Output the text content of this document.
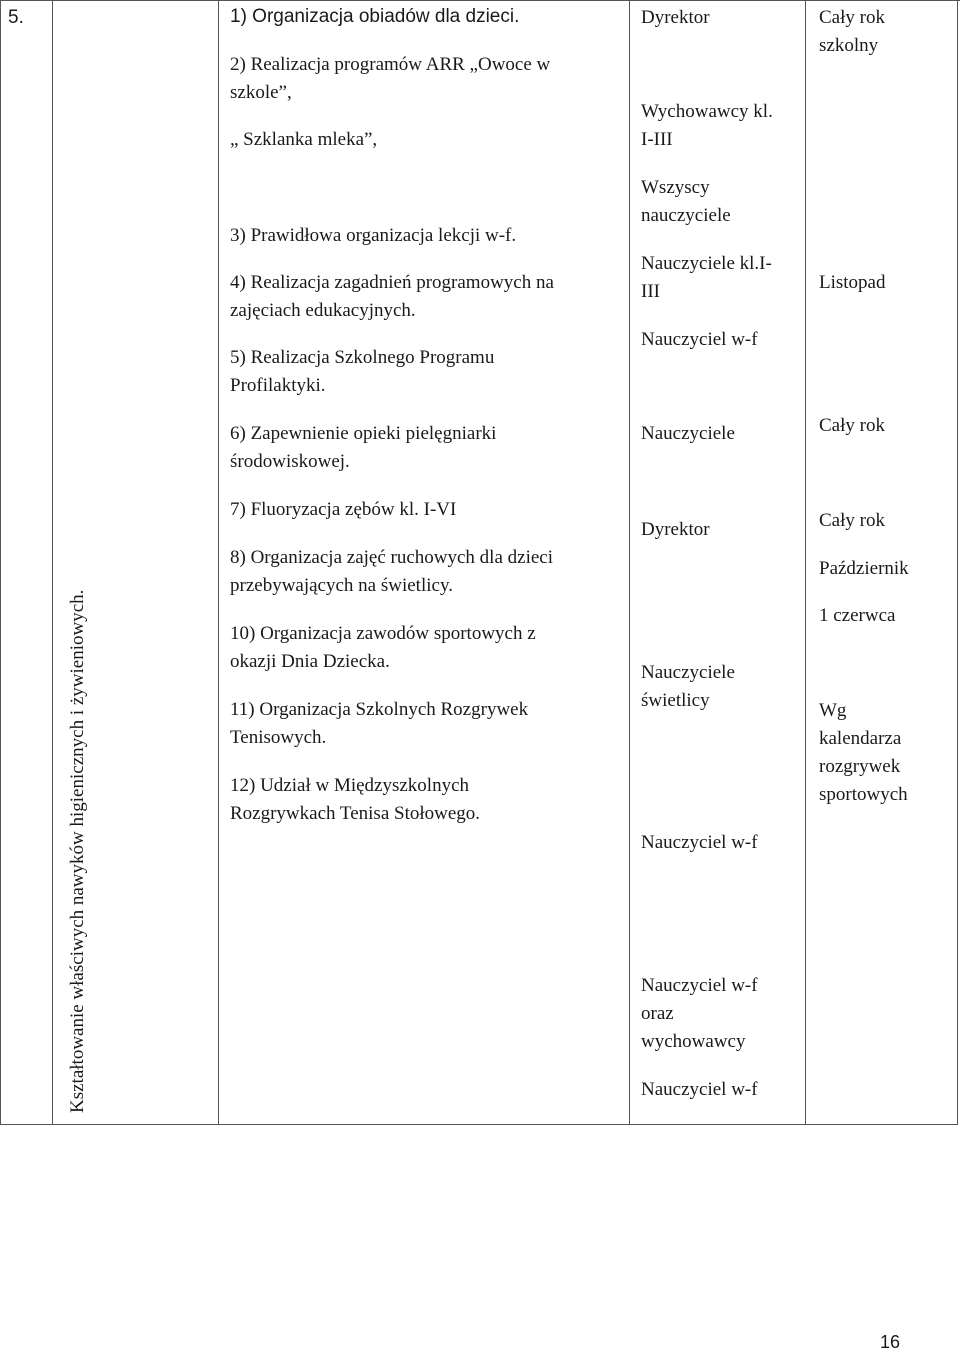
5.
Kształtowanie właściwych nawyków higienicznych i żywieniowych.
1) Organizacja obiadów dla dzieci.
2) Realizacja programów ARR „Owoce w
szkole”,
„ Szklanka mleka”,
3) Prawidłowa organizacja lekcji w-f.
4) Realizacja zagadnień programowych na
zajęciach edukacyjnych.
5) Realizacja Szkolnego Programu
Profilaktyki.
6) Zapewnienie opieki pielęgniarki
środowiskowej.
7) Fluoryzacja zębów kl. I-VI
8) Organizacja zajęć ruchowych dla dzieci
przebywających na świetlicy.
10) Organizacja zawodów sportowych z
okazji Dnia Dziecka.
11) Organizacja Szkolnych Rozgrywek
Tenisowych.
12) Udział w Międzyszkolnych
Rozgrywkach Tenisa Stołowego.
Dyrektor
Wychowawcy kl.
I-III
Wszyscy
nauczyciele
Nauczyciele kl.I-
III
Nauczyciel w-f
Nauczyciele
Dyrektor
Nauczyciele
świetlicy
Nauczyciel w-f
Nauczyciel w-f
oraz
wychowawcy
Nauczyciel w-f
Cały rok
szkolny
Listopad
Cały rok
Cały rok
Październik
1 czerwca
Wg
kalendarza
rozgrywek
sportowych
16
